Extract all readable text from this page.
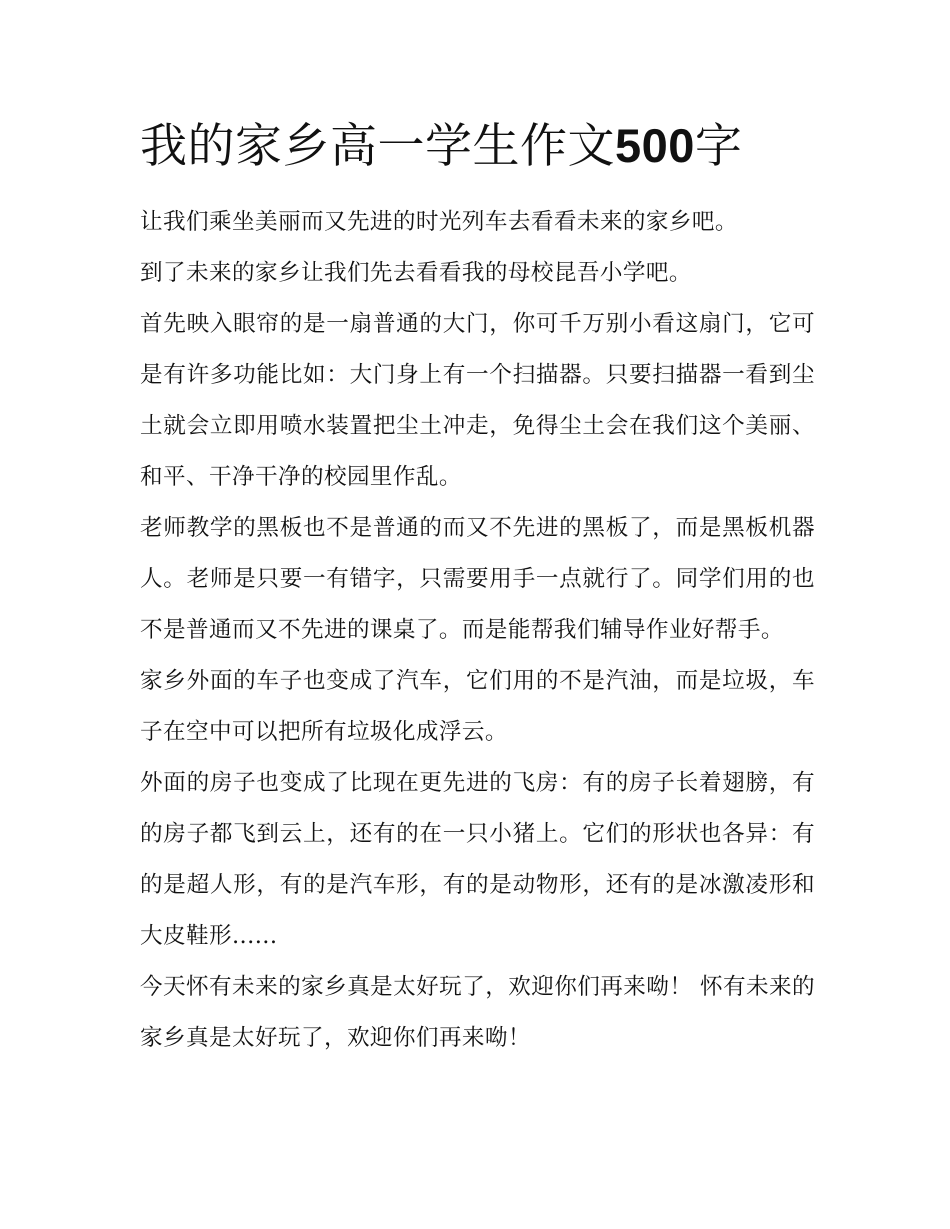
我的家乡高一学生作文500字

让我们乘坐美丽而又先进的时光列车去看看未来的家乡吧。

到了未来的家乡让我们先去看看我的母校昆吾小学吧。

首先映入眼帘的是一扇普通的大门，你可千万别小看这扇门，它可是有许多功能比如：大门身上有一个扫描器。只要扫描器一看到尘土就会立即用喷水装置把尘土冲走，免得尘土会在我们这个美丽、和平、干净干净的校园里作乱。

老师教学的黑板也不是普通的而又不先进的黑板了，而是黑板机器人。老师是只要一有错字，只需要用手一点就行了。同学们用的也不是普通而又不先进的课桌了。而是能帮我们辅导作业好帮手。

家乡外面的车子也变成了汽车，它们用的不是汽油，而是垃圾，车子在空中可以把所有垃圾化成浮云。

外面的房子也变成了比现在更先进的飞房：有的房子长着翅膀，有的房子都飞到云上，还有的在一只小猪上。它们的形状也各异：有的是超人形，有的是汽车形，有的是动物形，还有的是冰激凌形和大皮鞋形......

今天怀有未来的家乡真是太好玩了，欢迎你们再来呦！ 怀有未来的家乡真是太好玩了，欢迎你们再来呦！
